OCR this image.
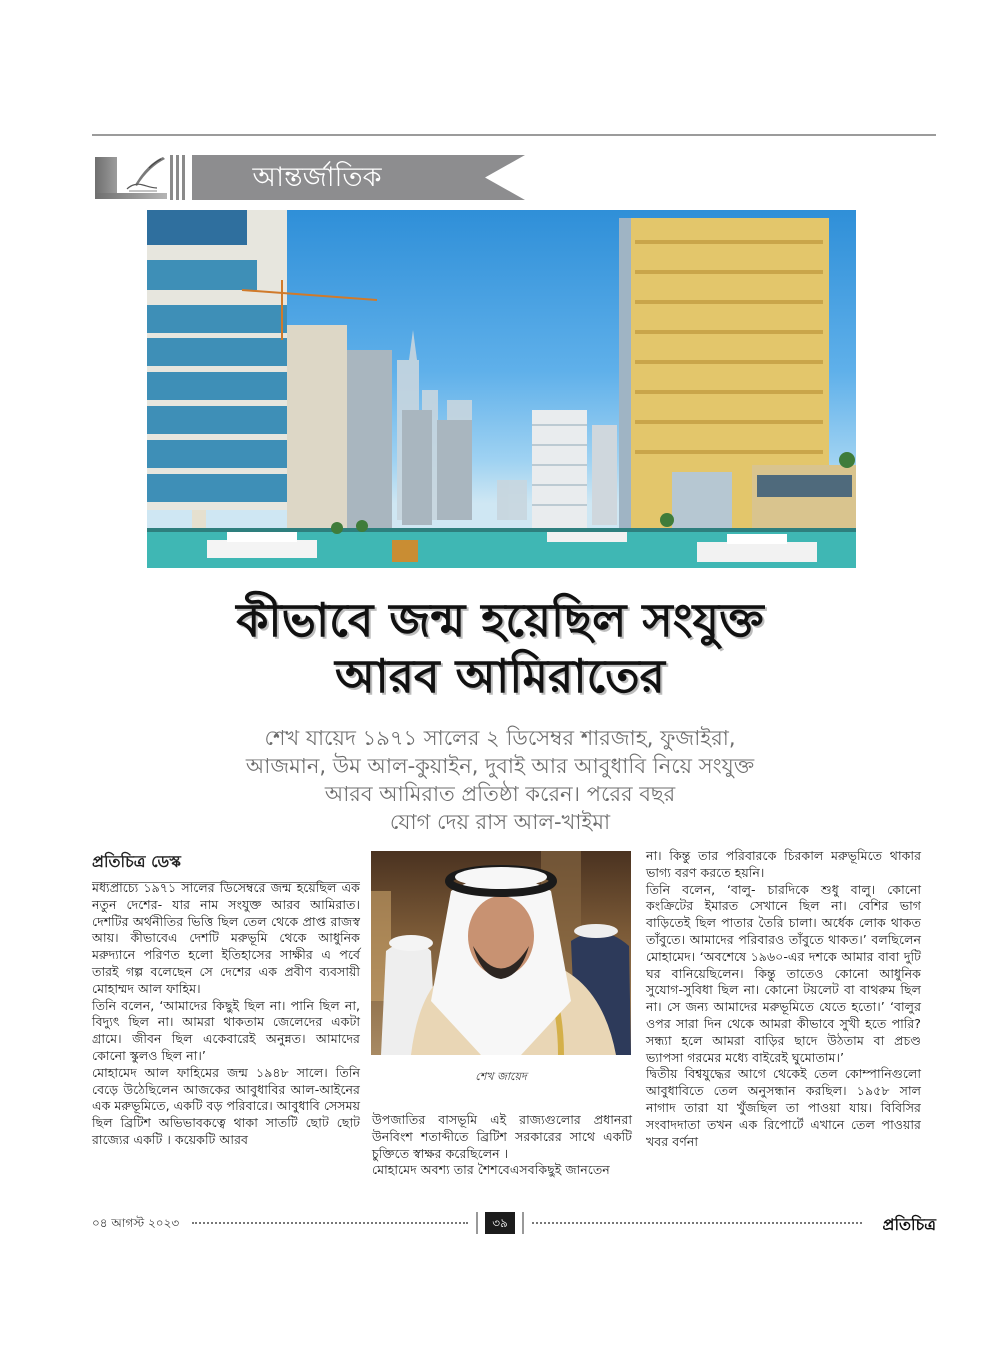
আন্তর্জাতিক
কীভাবে জন্ম হয়েছিল সংযুক্ত
আরব আমিরাতের
শেখ যায়েদ ১৯৭১ সালের ২ ডিসেম্বর শারজাহ, ফুজাইরা,
আজমান, উম আল-কুয়াইন, দুবাই আর আবুধাবি নিয়ে সংযুক্ত
আরব আমিরাত প্রতিষ্ঠা করেন। পরের বছর
যোগ দেয় রাস আল-খাইমা
প্রতিচিত্র ডেস্ক

মধ্যপ্রাচ্যে ১৯৭১ সালের ডিসেম্বরে জন্ম হয়েছিল এক নতুন দেশের- যার নাম সংযুক্ত আরব আমিরাত। দেশটির অর্থনীতির ভিত্তি ছিল তেল থেকে প্রাপ্ত রাজস্ব আয়। কীভাবেএ দেশটি মরুভূমি থেকে আধুনিক মরুদ্যানে পরিণত হলো ইতিহাসের সাক্ষীর এ পর্বে তারই গল্প বলেছেন সে দেশের এক প্রবীণ ব্যবসায়ী মোহাম্মদ আল ফাহিম।

তিনি বলেন, ‘আমাদের কিছুই ছিল না। পানি ছিল না, বিদ্যুৎ ছিল না। আমরা থাকতাম জেলেদের একটা গ্রামে। জীবন ছিল একেবারেই অনুন্নত। আমাদের কোনো স্কুলও ছিল না।’

মোহামেদ আল ফাহিমের জন্ম ১৯৪৮ সালে। তিনি বেড়ে উঠেছিলেন আজকের আবুধাবির আল-আইনের এক মরুভূমিতে, একটি বড় পরিবারে। আবুধাবি সেসময় ছিল ব্রিটিশ অভিভাবকত্বে থাকা সাতটি ছোট ছোট রাজ্যের একটি । কয়েকটি আরব

শেখ জায়েদ

উপজাতির বাসভূমি এই রাজ্যগুলোর প্রধানরা উনবিংশ শতাব্দীতে ব্রিটিশ সরকারের সাথে একটি চুক্তিতে স্বাক্ষর করেছিলেন ।

মোহামেদ অবশ্য তার শৈশবেএসবকিছুই জানতেন

না। কিন্তু তার পরিবারকে চিরকাল মরুভূমিতে থাকার ভাগ্য বরণ করতে হয়নি।

তিনি বলেন, ‘বালু- চারদিকে শুধু বালু। কোনো কংক্রিটের ইমারত সেখানে ছিল না। বেশির ভাগ বাড়িতেই ছিল পাতার তৈরি চালা। অর্ধেক লোক থাকত তাঁবুতে। আমাদের পরিবারও তাঁবুতে থাকত।’ বলছিলেন মোহামেদ। ‘অবশেষে ১৯৬০-এর দশকে আমার বাবা দুটি ঘর বানিয়েছিলেন। কিন্তু তাতেও কোনো আধুনিক সুযোগ-সুবিধা ছিল না। কোনো টয়লেট বা বাথরুম ছিল না। সে জন্য আমাদের মরুভূমিতে যেতে হতো।’ ‘বালুর ওপর সারা দিন থেকে আমরা কীভাবে সুখী হতে পারি? সন্ধ্যা হলে আমরা বাড়ির ছাদে উঠতাম বা প্রচণ্ড ভ্যাপসা গরমের মধ্যে বাইরেই ঘুমোতাম।’

দ্বিতীয় বিশ্বযুদ্ধের আগে থেকেই তেল কোম্পানিগুলো আবুধাবিতে তেল অনুসন্ধান করছিল। ১৯৫৮ সাল নাগাদ তারা যা খুঁজছিল তা পাওয়া যায়। বিবিসির সংবাদদাতা তখন এক রিপোর্টে এখানে তেল পাওয়ার খবর বর্ণনা

০৪ আগস্ট ২০২৩	৩৯	প্রতিচিত্র
